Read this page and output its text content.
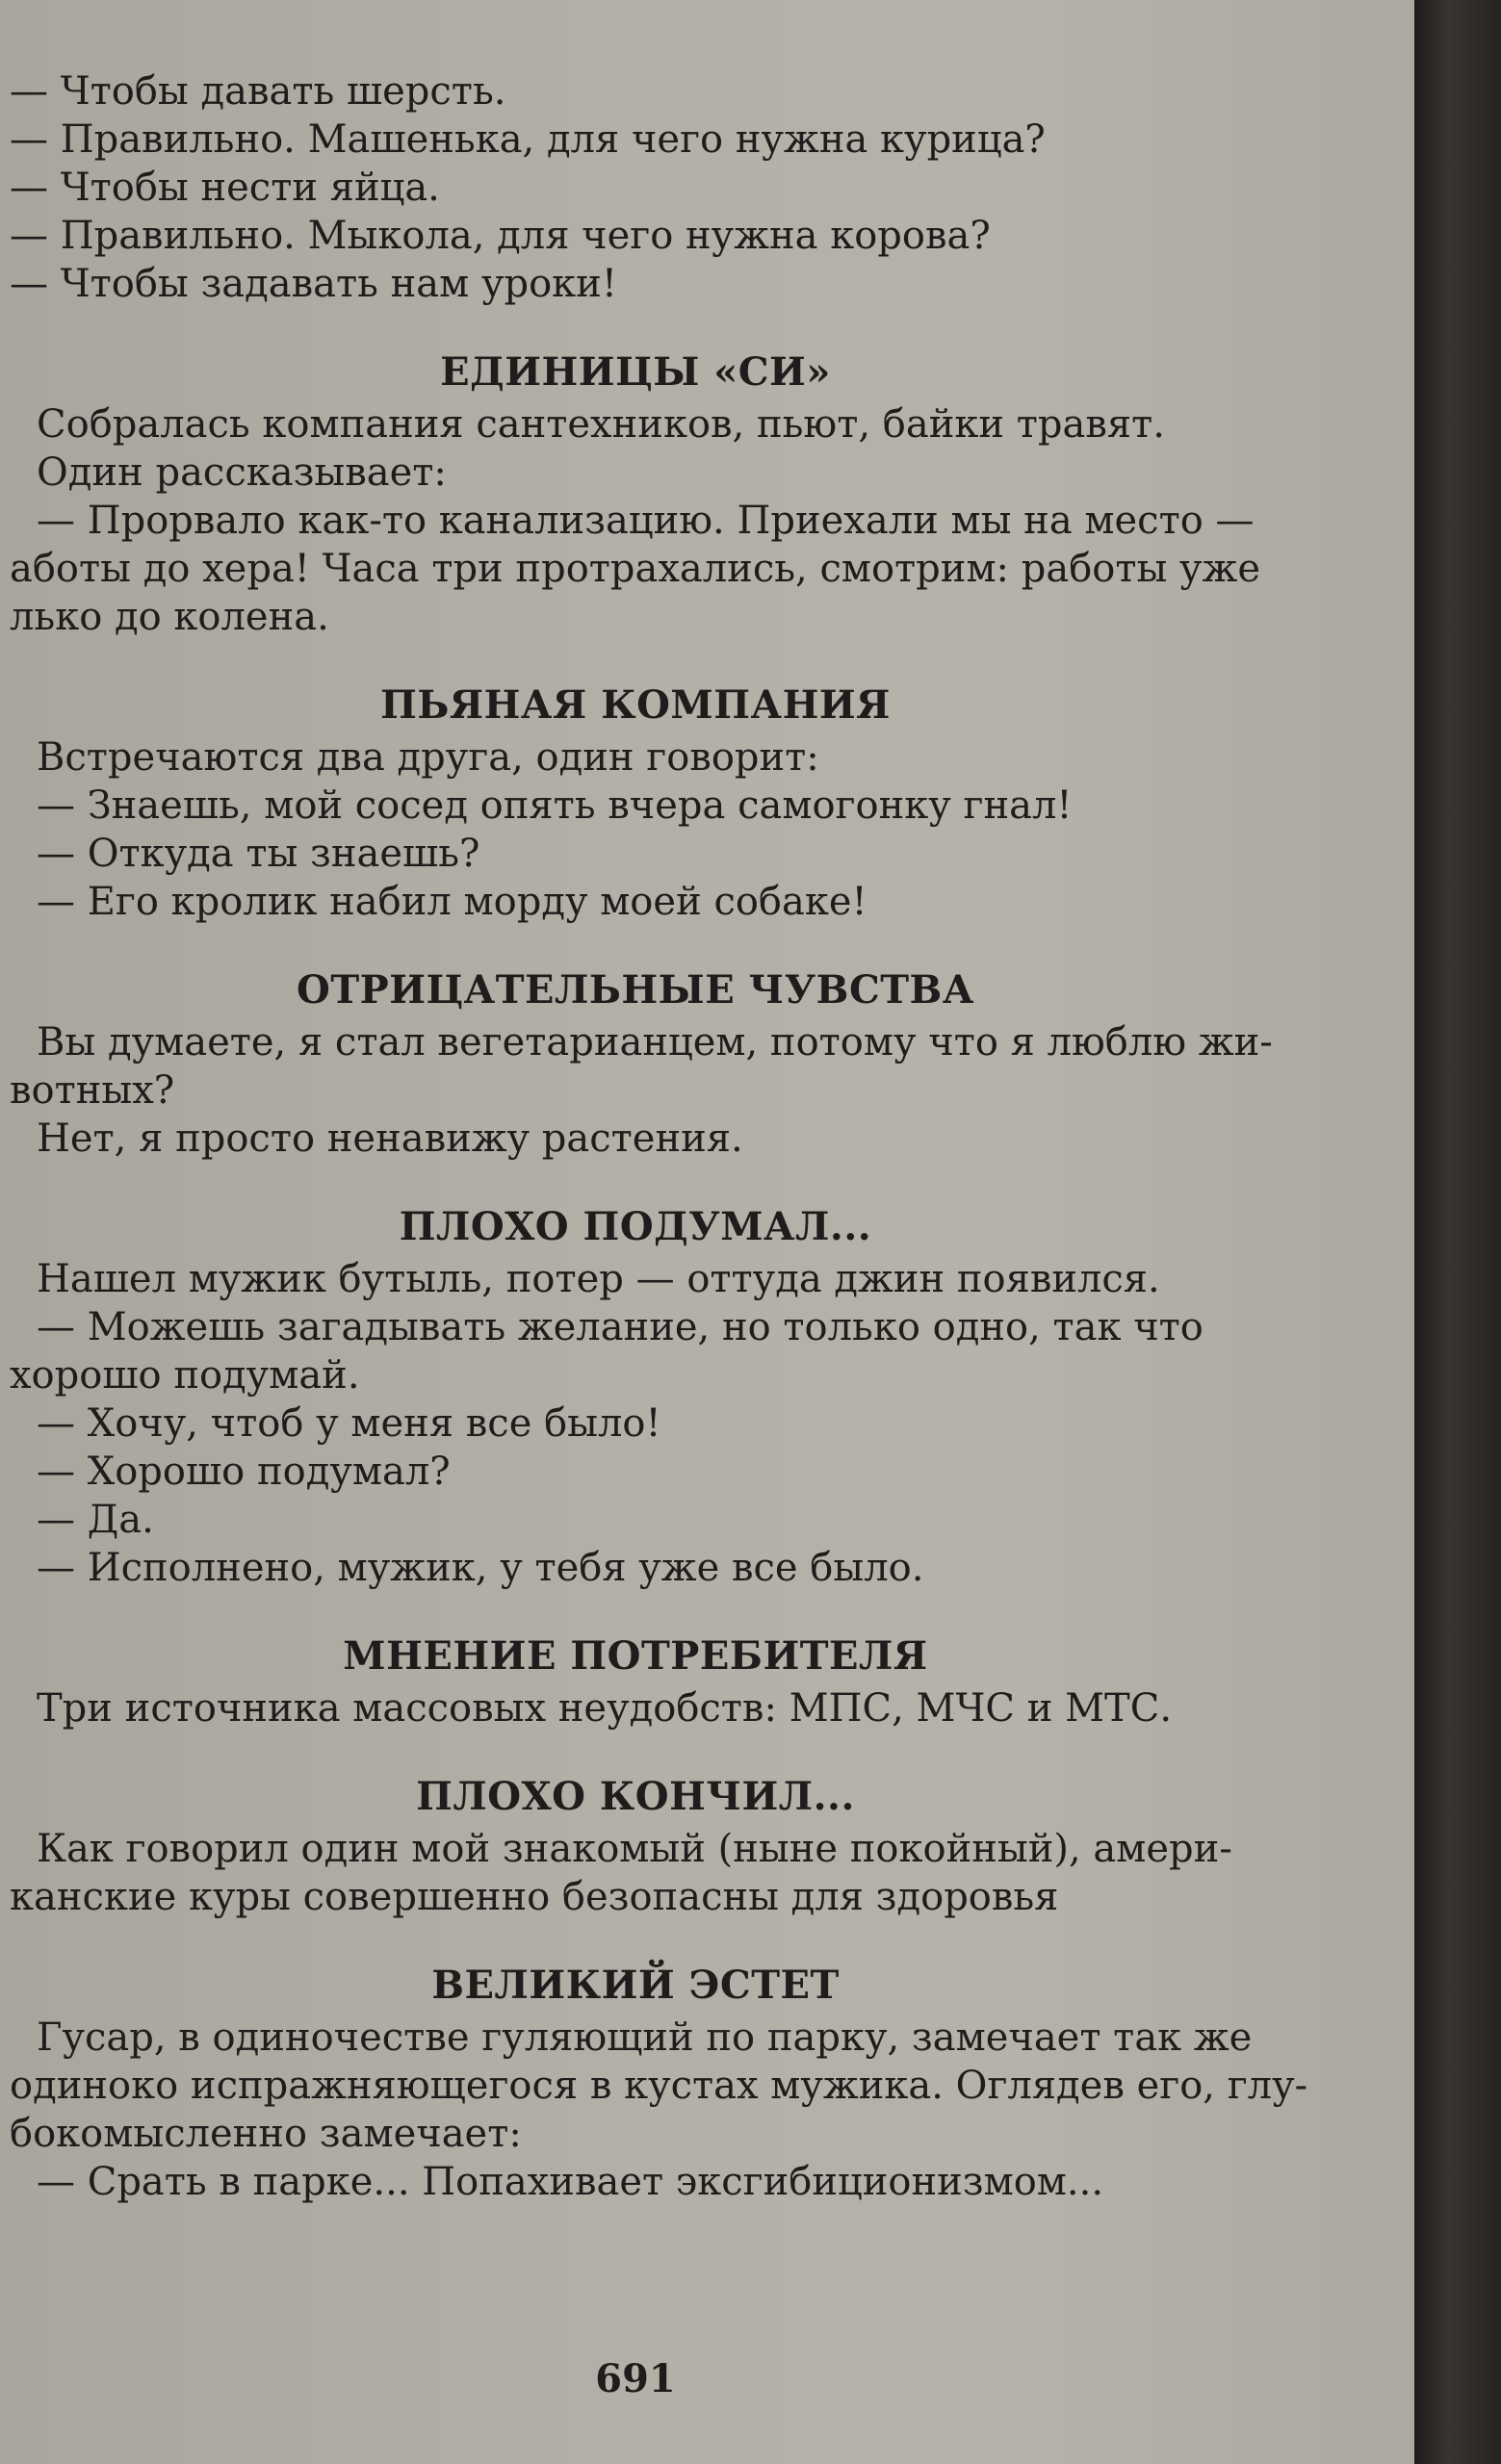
— Чтобы давать шерсть.
— Правильно. Машенька, для чего нужна курица?
— Чтобы нести яйца.
— Правильно. Мыкола, для чего нужна корова?
— Чтобы задавать нам уроки!
ЕДИНИЦЫ «СИ»
Собралась компания сантехников, пьют, байки травят.
Один рассказывает:
— Прорвало как-то канализацию. Приехали мы на место —
аботы до хера! Часа три протрахались, смотрим: работы уже
лько до колена.
ПЬЯНАЯ КОМПАНИЯ
Встречаются два друга, один говорит:
— Знаешь, мой сосед опять вчера самогонку гнал!
— Откуда ты знаешь?
— Его кролик набил морду моей собаке!
ОТРИЦАТЕЛЬНЫЕ ЧУВСТВА
Вы думаете, я стал вегетарианцем, потому что я люблю жи-
вотных?
Нет, я просто ненавижу растения.
ПЛОХО ПОДУМАЛ...
Нашел мужик бутыль, потер — оттуда джин появился.
— Можешь загадывать желание, но только одно, так что
хорошо подумай.
— Хочу, чтоб у меня все было!
— Хорошо подумал?
— Да.
— Исполнено, мужик, у тебя уже все было.
МНЕНИЕ ПОТРЕБИТЕЛЯ
Три источника массовых неудобств: МПС, МЧС и МТС.
ПЛОХО КОНЧИЛ...
Как говорил один мой знакомый (ныне покойный), амери-
канские куры совершенно безопасны для здоровья
ВЕЛИКИЙ ЭСТЕТ
Гусар, в одиночестве гуляющий по парку, замечает так же
одиноко испражняющегося в кустах мужика. Оглядев его, глу-
бокомысленно замечает:
— Срать в парке... Попахивает эксгибиционизмом...
691
